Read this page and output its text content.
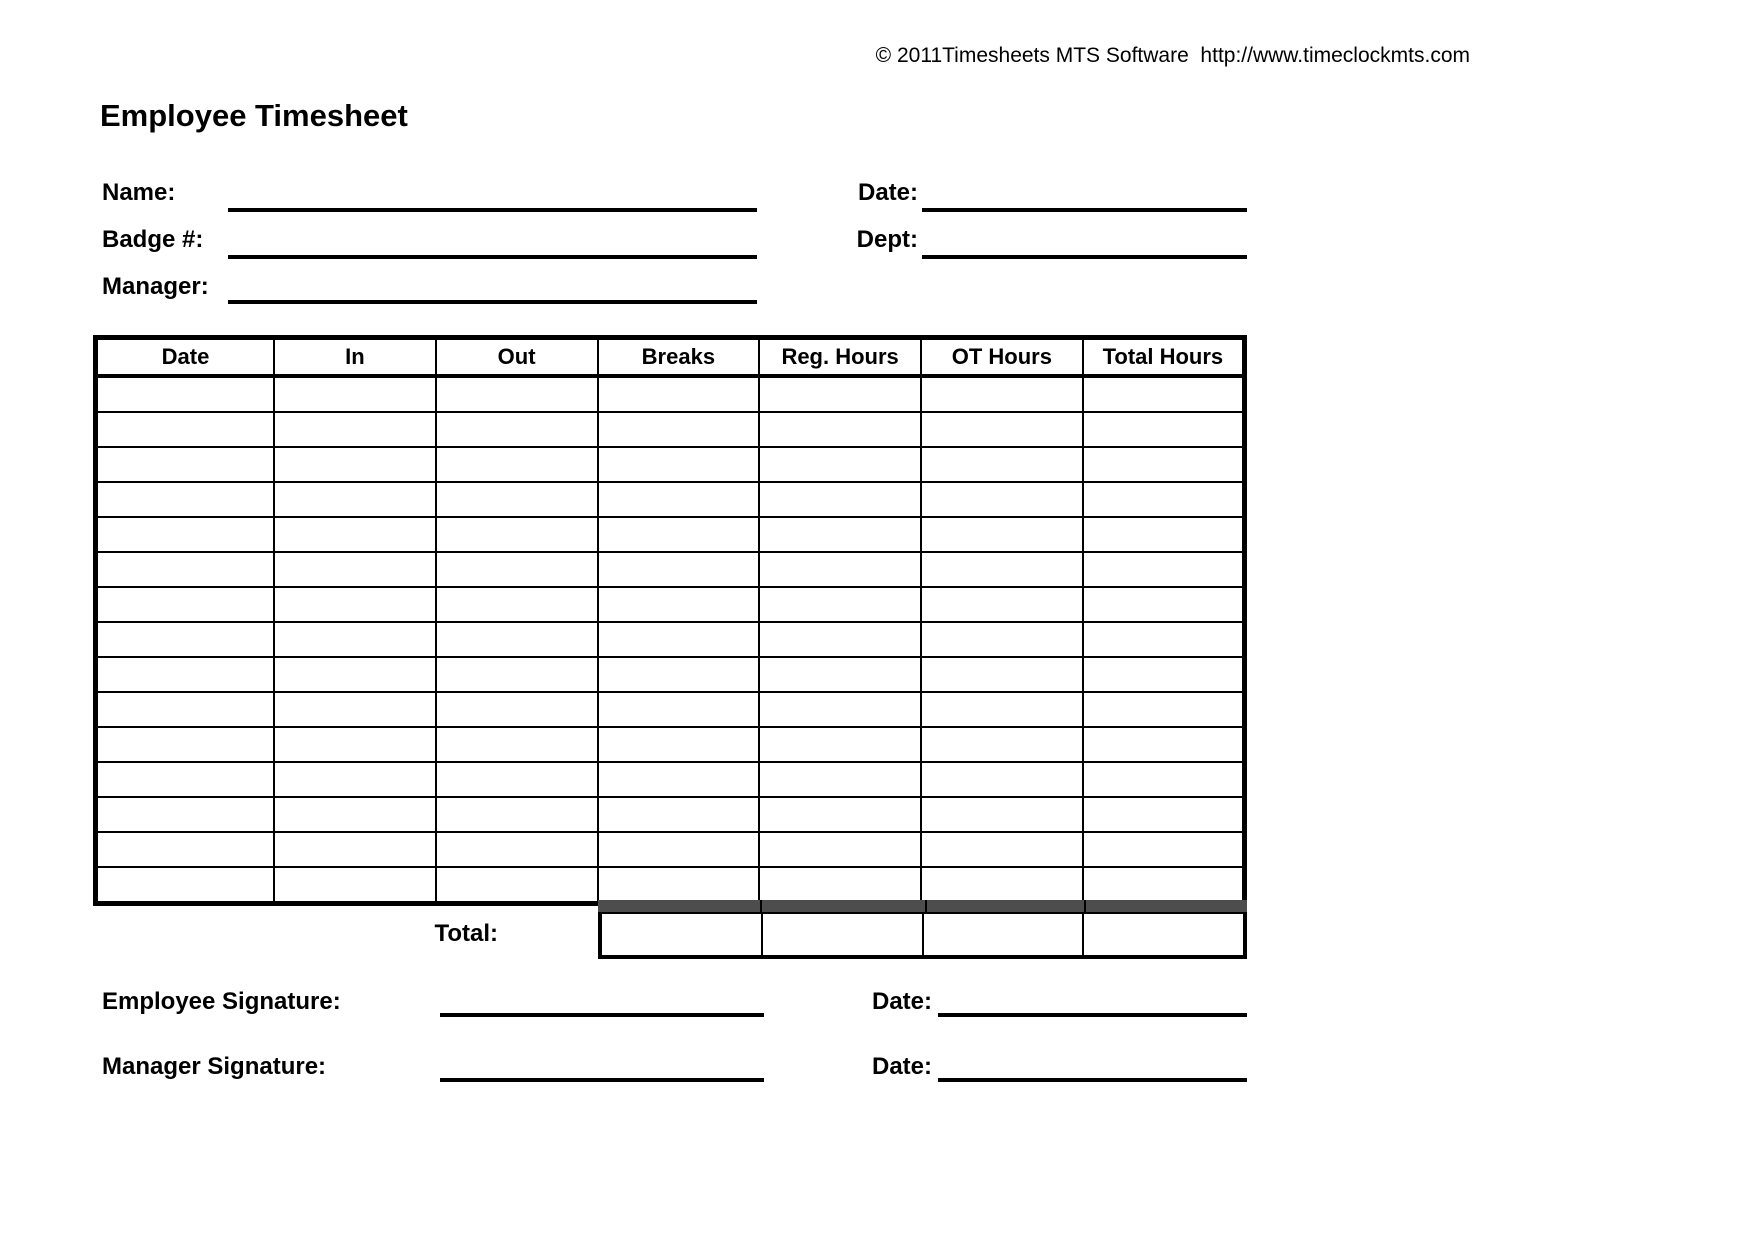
© 2011Timesheets MTS Software  http://www.timeclockmts.com
Employee Timesheet
Name:
Badge #:
Manager:
Date:
Dept:
Date	In	Out	Breaks	Reg. Hours	OT Hours	Total Hours

Total:
Employee Signature:	Date:
Manager Signature:	Date:
